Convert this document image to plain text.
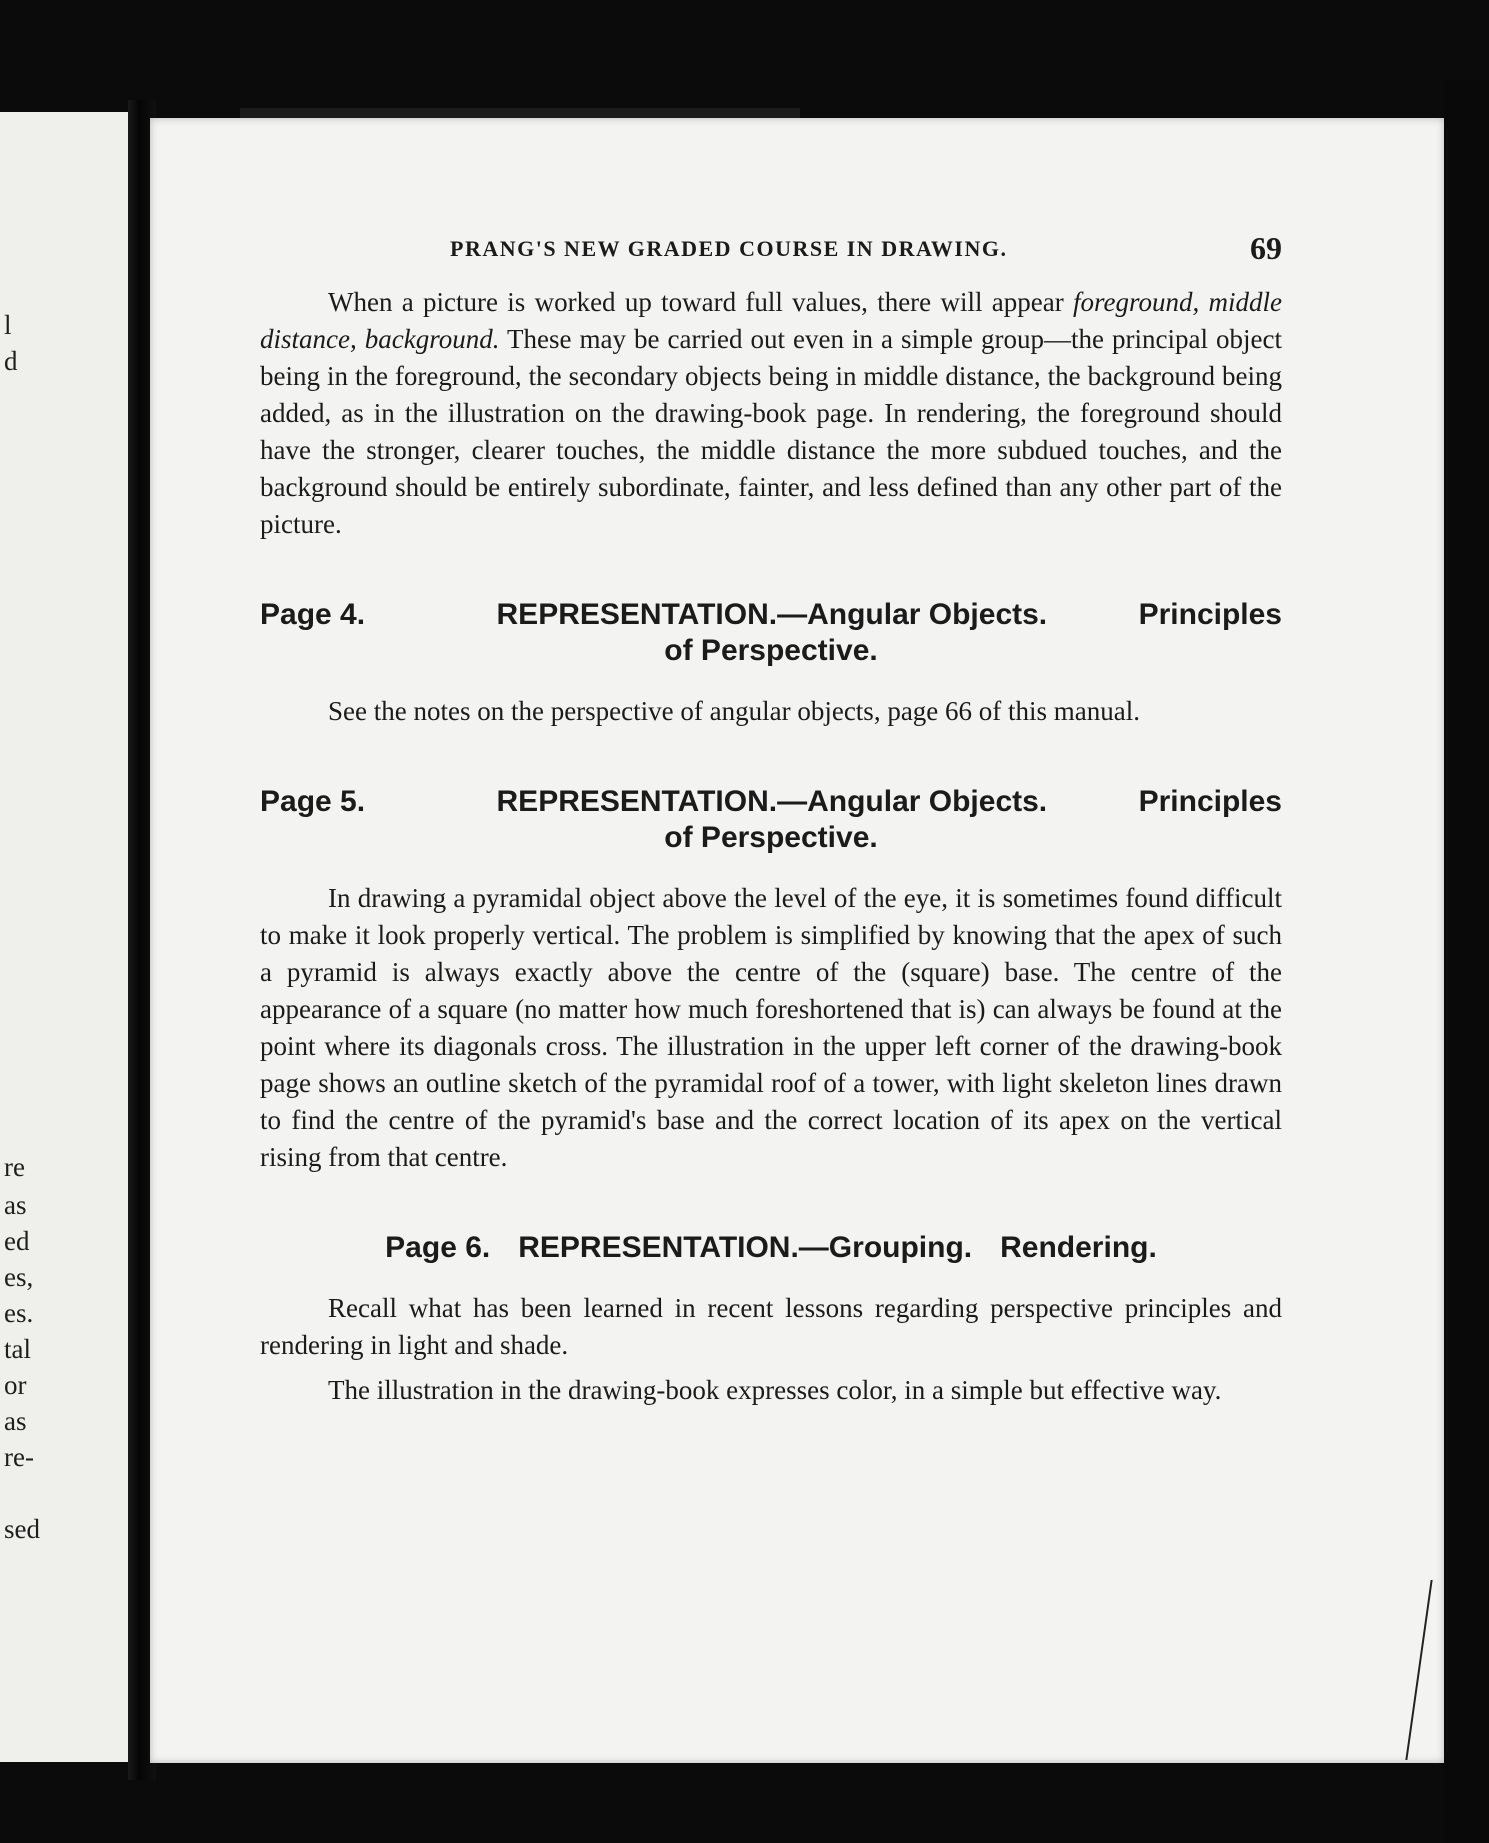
l
d
re
as
ed
es,
es.
tal
or
as
re-
sed
PRANG'S NEW GRADED COURSE IN DRAWING.	69

When a picture is worked up toward full values, there will appear foreground, middle distance, background. These may be carried out even in a simple group—the principal object being in the foreground, the secondary objects being in middle distance, the background being added, as in the illustration on the drawing-book page. In rendering, the foreground should have the stronger, clearer touches, the middle distance the more subdued touches, and the background should be entirely subordinate, fainter, and less defined than any other part of the picture.

Page 4.	REPRESENTATION.—Angular Objects.	Principles
of Perspective.

See the notes on the perspective of angular objects, page 66 of this manual.

Page 5.	REPRESENTATION.—Angular Objects.	Principles
of Perspective.

In drawing a pyramidal object above the level of the eye, it is sometimes found difficult to make it look properly vertical. The problem is simplified by knowing that the apex of such a pyramid is always exactly above the centre of the (square) base. The centre of the appearance of a square (no matter how much foreshortened that is) can always be found at the point where its diagonals cross. The illustration in the upper left corner of the drawing-book page shows an outline sketch of the pyramidal roof of a tower, with light skeleton lines drawn to find the centre of the pyramid's base and the correct location of its apex on the vertical rising from that centre.

Page 6. REPRESENTATION.—Grouping. Rendering.

Recall what has been learned in recent lessons regarding perspective principles and rendering in light and shade.

The illustration in the drawing-book expresses color, in a simple but effective way.
